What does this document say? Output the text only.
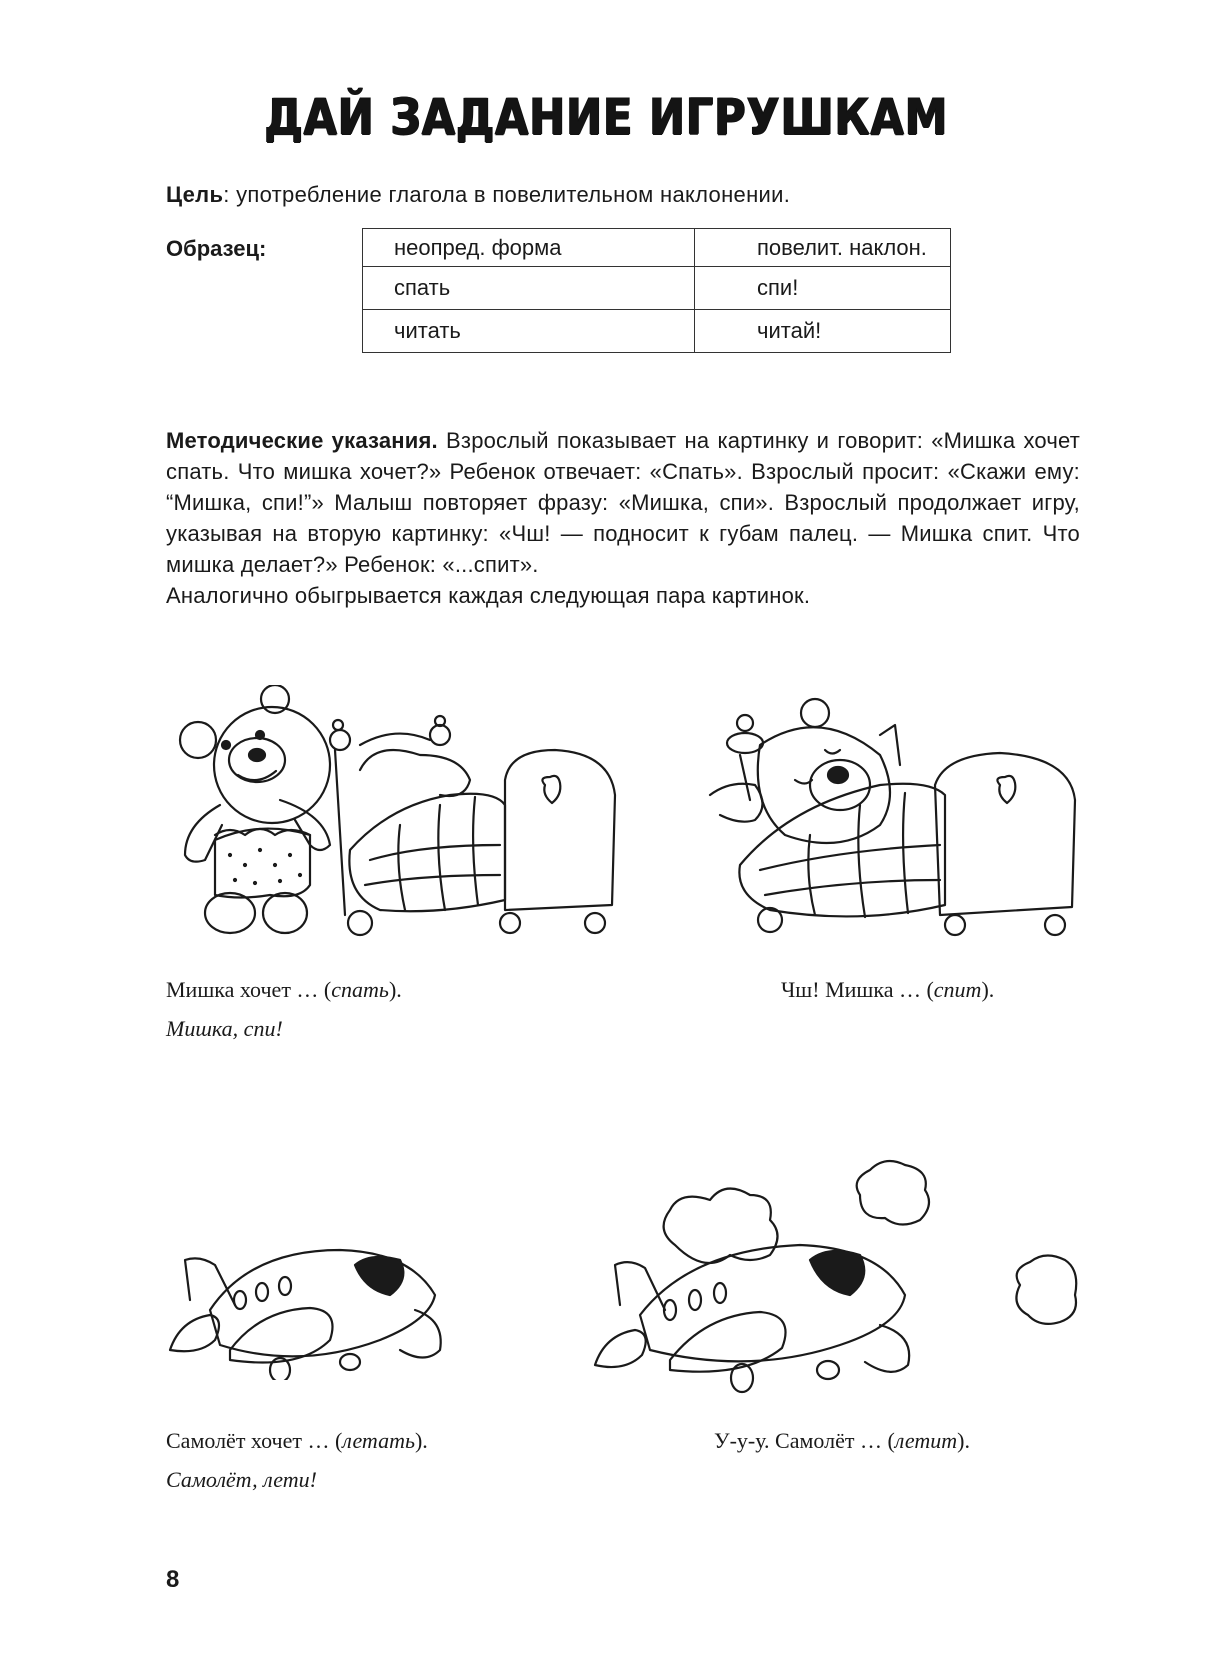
ДАЙ ЗАДАНИЕ ИГРУШКАМ
Цель: употребление глагола в повелительном наклонении.
Образец:	неопред. форма	повелит. наклон.
спать	спи!
читать	читай!

Методические указания. Взрослый показывает на картинку и говорит: «Мишка хочет спать. Что мишка хочет?» Ребенок отвечает: «Спать». Взрослый просит: «Скажи ему: “Мишка, спи!”» Малыш повторяет фразу: «Мишка, спи». Взрослый продолжает игру, указывая на вторую картинку: «Чш! — подносит к губам палец. — Мишка спит. Что мишка делает?» Ребенок: «...спит».

Аналогично обыгрывается каждая следующая пара картинок.

Мишка хочет … (спать).
Мишка, спи!
Чш! Мишка … (спит).
Самолёт хочет … (летать).
Самолёт, лети!
У-у-у. Самолёт … (летит).
8
